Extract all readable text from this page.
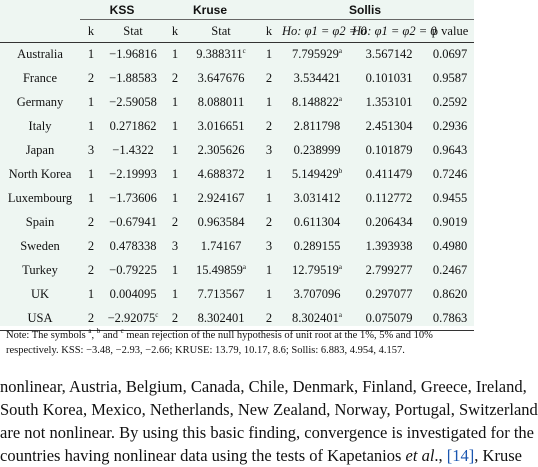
	KSS		Kruse		Sollis			
	k	Stat	k	Stat	k	Ho: φ1 = φ2 = 0	Ho: φ1 = φ2 = 0	p value
Australia	1	−1.96816	1	9.388311$^c$	1	7.795929$^a$	3.567142	0.0697
France	2	−1.88583	2	3.647676	2	3.534421	0.101031	0.9587
Germany	1	−2.59058	1	8.088011	1	8.148822$^a$	1.353101	0.2592
Italy	1	0.271862	1	3.016651	2	2.811798	2.451304	0.2936
Japan	3	−1.4322	1	2.305626	3	0.238999	0.101879	0.9643
North Korea	1	−2.19993	1	4.688372	1	5.149429$^b$	0.411479	0.7246
Luxembourg	1	−1.73606	1	2.924167	1	3.031412	0.112772	0.9455
Spain	2	−0.67941	2	0.963584	2	0.611304	0.206434	0.9019
Sweden	2	0.478338	3	1.74167	3	0.289155	1.393938	0.4980
Turkey	2	−0.79225	1	15.49859$^a$	1	12.79519$^a$	2.799277	0.2467
UK	1	0.004095	1	7.713567	1	3.707096	0.297077	0.8620
USA	2	−2.92075$^c$	2	8.302401	2	8.302401$^a$	0.075079	0.7863
Note: The symbols $^a$, $^b$ and $^c$ mean rejection of the null hypothesis of unit root at the 1%, 5% and 10%
respectively. KSS: −3.48, −2.93, −2.66; KRUSE: 13.79, 10.17, 8.6; Sollis: 6.883, 4.954, 4.157.
nonlinear, Austria, Belgium, Canada, Chile, Denmark, Finland, Greece, Ireland,
South Korea, Mexico, Netherlands, New Zealand, Norway, Portugal, Switzerland
are not nonlinear. By using this basic finding, convergence is investigated for the
countries having nonlinear data using the tests of Kapetanios et al., [14], Kruse
